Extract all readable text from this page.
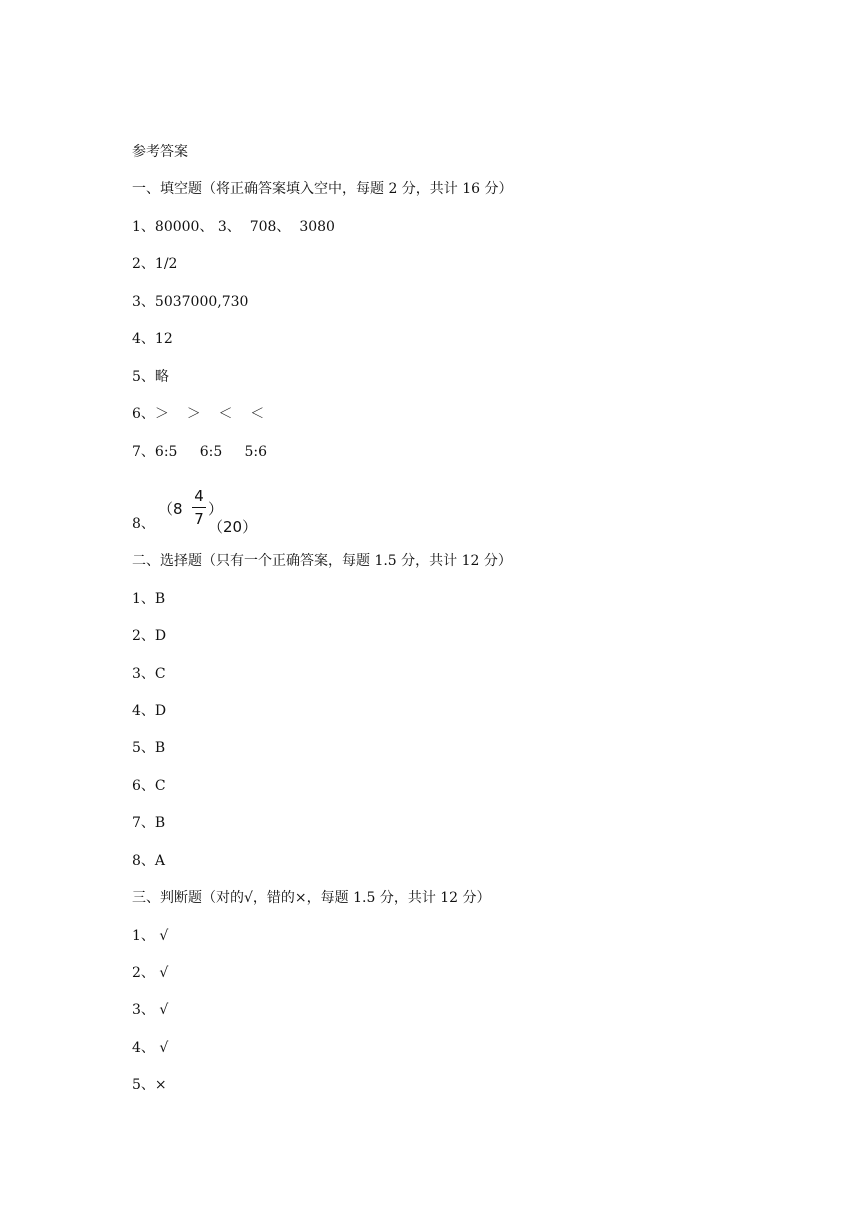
参考答案
一、填空题（将正确答案填入空中，每题 2 分，共计 16 分）
1、80000、 3、  708、  3080
2、1/2
3、5037000,730
4、12
5、略
6、＞    ＞    ＜    ＜
7、6:5     6:5     5:6
8、
（8
4
7
）（20）
二、选择题（只有一个正确答案，每题 1.5 分，共计 12 分）
1、B
2、D
3、C
4、D
5、B
6、C
7、B
8、A
三、判断题（对的√，错的×，每题 1.5 分，共计 12 分）
1、 √
2、 √
3、 √
4、 √
5、×
